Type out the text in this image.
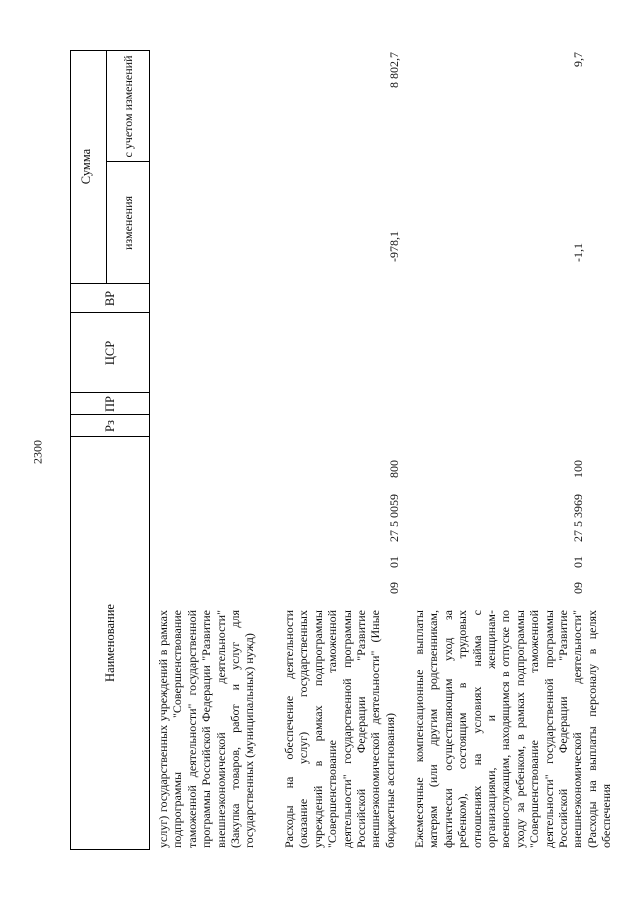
2300
Наименование
Рз
ПР
ЦСР
ВР
Сумма
изменения
с учетом изменений
услуг) государственных учреждений в рамках подпрограммы "Совершенствование таможенной деятельности" государственной программы Российской Федерации "Развитие внешнеэкономической деятельности" (Закупка товаров, работ и услуг для государственных (муниципальных) нужд)	Расходы на обеспечение деятельности (оказание услуг) государственных учреждений в рамках подпрограммы "Совершенствование таможенной деятельности" государственной программы Российской Федерации "Развитие внешнеэкономической деятельности" (Иные бюджетные ассигнования)
09
01
27 5 0059
800
-978,1
8 802,7
Ежемесячные компенсационные выплаты матерям (или другим родственникам, фактически осуществляющим уход за ребенком), состоящим в трудовых отношениях на условиях найма с организациями, и женщинам-военнослужащим, находящимся в отпуске по уходу за ребенком, в рамках подпрограммы "Совершенствование таможенной деятельности" государственной программы Российской Федерации "Развитие внешнеэкономической деятельности" (Расходы на выплаты персоналу в целях обеспечения
09
01
27 5 3969
100
-1,1
9,7
